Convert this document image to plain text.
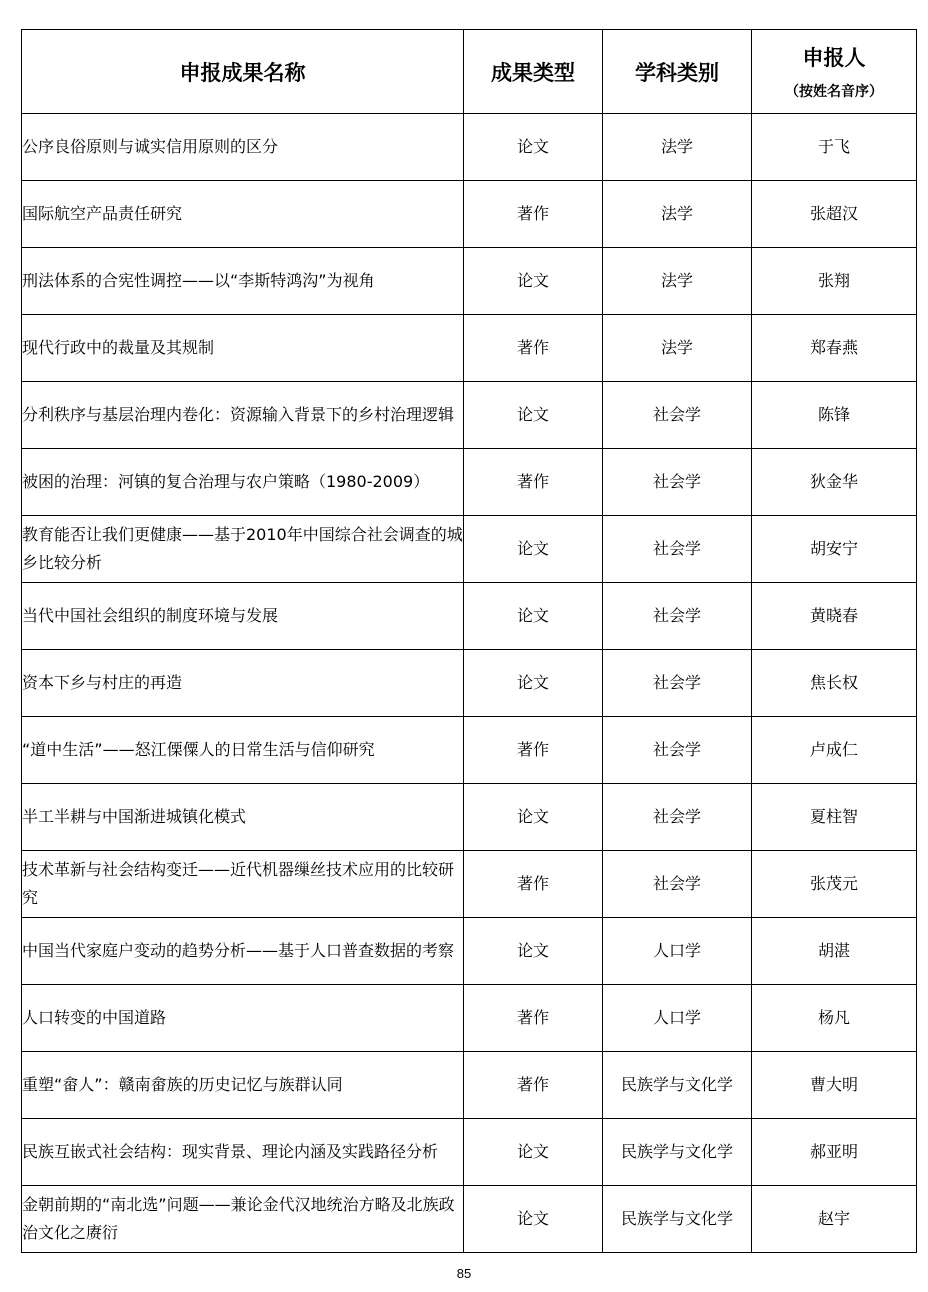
申报成果名称	成果类型	学科类别	申报人
（按姓名音序）

公序良俗原则与诚实信用原则的区分	论文	法学	于飞
国际航空产品责任研究	著作	法学	张超汉
刑法体系的合宪性调控——以“李斯特鸿沟”为视角	论文	法学	张翔
现代行政中的裁量及其规制	著作	法学	郑春燕
分利秩序与基层治理内卷化：资源输入背景下的乡村治理逻辑	论文	社会学	陈锋
被困的治理：河镇的复合治理与农户策略（1980-2009）	著作	社会学	狄金华
教育能否让我们更健康——基于2010年中国综合社会调查的城乡比较分析	论文	社会学	胡安宁
当代中国社会组织的制度环境与发展	论文	社会学	黄晓春
资本下乡与村庄的再造	论文	社会学	焦长权
“道中生活”——怒江傈僳人的日常生活与信仰研究	著作	社会学	卢成仁
半工半耕与中国渐进城镇化模式	论文	社会学	夏柱智
技术革新与社会结构变迁——近代机器缫丝技术应用的比较研究	著作	社会学	张茂元
中国当代家庭户变动的趋势分析——基于人口普查数据的考察	论文	人口学	胡湛
人口转变的中国道路	著作	人口学	杨凡
重塑“畲人”：赣南畲族的历史记忆与族群认同	著作	民族学与文化学	曹大明
民族互嵌式社会结构：现实背景、理论内涵及实践路径分析	论文	民族学与文化学	郝亚明
金朝前期的“南北选”问题——兼论金代汉地统治方略及北族政治文化之赓衍	论文	民族学与文化学	赵宇
85
